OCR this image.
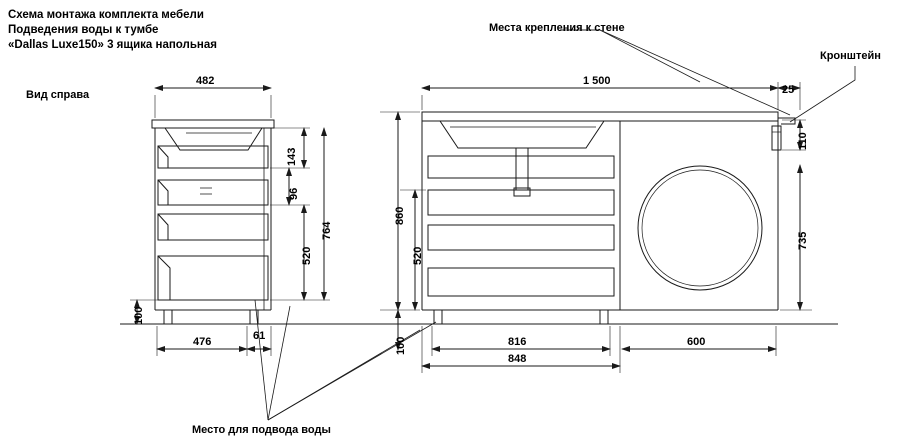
Схема монтажа комплекта мебели
Подведения воды к тумбе
«Dallas Luxe150» 3 ящика напольная
Вид справа
Места крепления к стене
Кронштейн
Место для подвода воды
482
476	61
100
143
96
520
764
1 500
25
110
860
520
100
735
816
848
600
